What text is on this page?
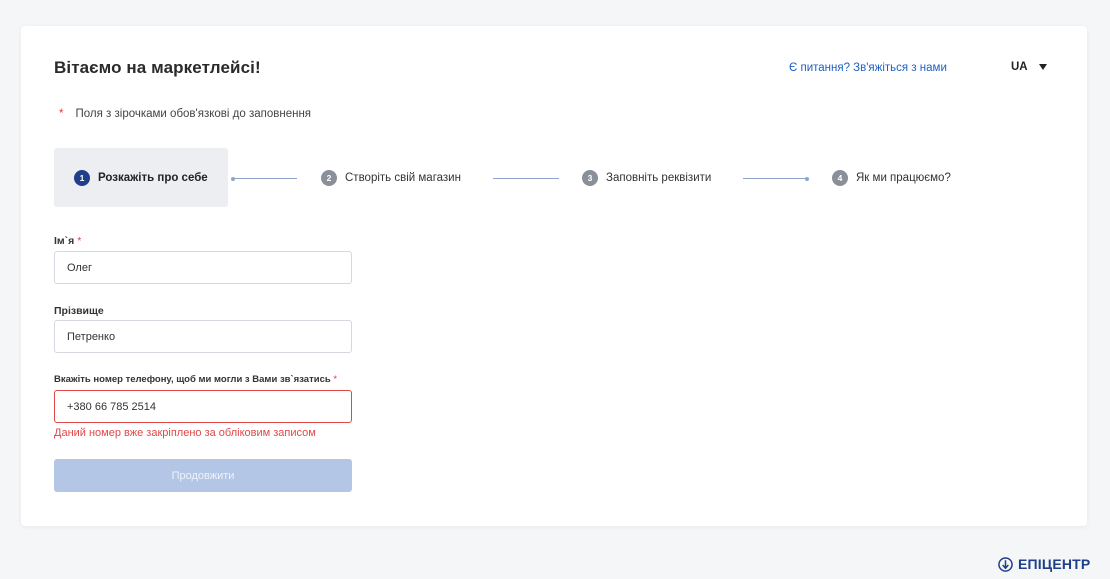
Вітаємо на маркетлейсі!	Є питання? Зв'яжіться з нами	UA
* Поля з зірочками обов'язкові до заповнення
1	Розкажіть про себе	2	Створіть свій магазин	3	Заповніть реквізити	4	Як ми працюємо?
Ім`я *
Олег
Прізвище
Петренко
Вкажіть номер телефону, щоб ми могли з Вами зв`язатись *
+380 66 785 2514
Даний номер вже закріплено за обліковим записом
Продовжити
ЕПІЦЕНТР
